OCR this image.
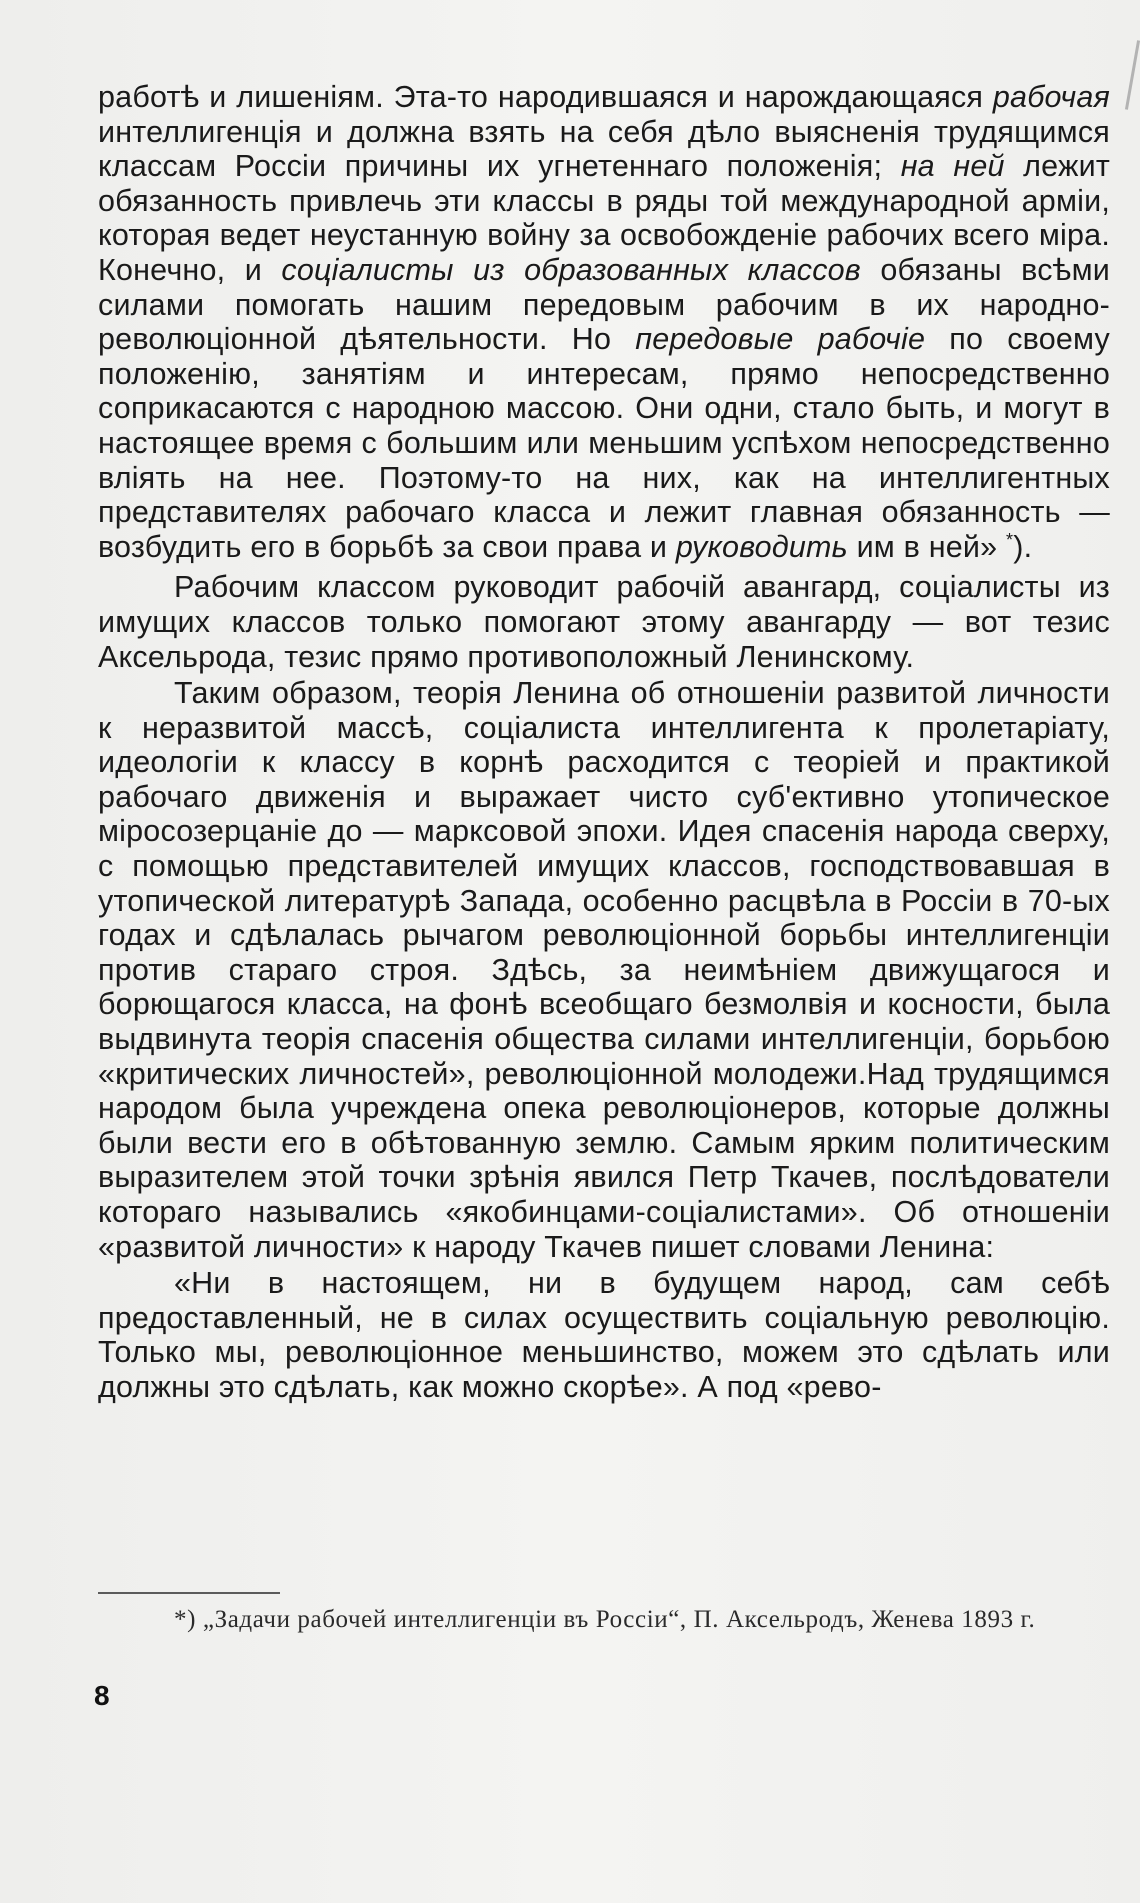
работѣ и лишеніям. Эта-то народившаяся и нарождающаяся рабочая интеллигенція и должна взять на себя дѣло выясненія трудящимся классам Россіи причины их угнетеннаго положенія; на ней лежит обязанность привлечь эти классы в ряды той международной арміи, которая ведет неустанную войну за освобожденіе рабочих всего міра. Конечно, и соціалисты из образованных классов обязаны всѣми силами помогать нашим передовым рабочим в их народно-революціонной дѣятельности. Но передовые рабочіе по своему положенію, занятіям и интересам, прямо непосредственно соприкасаются с народною массою. Они одни, стало быть, и могут в настоящее время с большим или меньшим успѣхом непосредственно вліять на нее. Поэтому-то на них, как на интеллигентных представителях рабочаго класса и лежит главная обязанность — возбудить его в борьбѣ за свои права и руководить им в ней» *).

Рабочим классом руководит рабочій авангард, соціалисты из имущих классов только помогают этому авангарду — вот тезис Аксельрода, тезис прямо противоположный Ленинскому.

Таким образом, теорія Ленина об отношеніи развитой личности к неразвитой массѣ, соціалиста интеллигента к пролетаріату, идеологіи к классу в корнѣ расходится с теоріей и практикой рабочаго движенія и выражает чисто суб'ективно утопическое міросозерцаніе до — марксовой эпохи. Идея спасенія народа сверху, с помощью представителей имущих классов, господствовавшая в утопической литературѣ Запада, особенно расцвѣла в Россіи в 70-ых годах и сдѣлалась рычагом революціонной борьбы интеллигенціи против стараго строя. Здѣсь, за неимѣніем движущагося и борющагося класса, на фонѣ всеобщаго безмолвія и косности, была выдвинута теорія спасенія общества силами интеллигенціи, борьбою «критических личностей», революціонной молодежи.Над трудящимся народом была учреждена опека революціонеров, которые должны были вести его в обѣтованную землю. Самым ярким политическим выразителем этой точки зрѣнія явился Петр Ткачев, послѣдователи котораго назывались «якобинцами-соціалистами». Об отношеніи «развитой личности» к народу Ткачев пишет словами Ленина:

«Ни в настоящем, ни в будущем народ, сам себѣ предоставленный, не в силах осуществить соціальную революцію. Только мы, революціонное меньшинство, можем это сдѣлать или должны это сдѣлать, как можно скорѣе». А под «рево-

*) „Задачи рабочей интеллигенціи въ Россіи“, П. Аксельродъ, Женева 1893 г.
8
